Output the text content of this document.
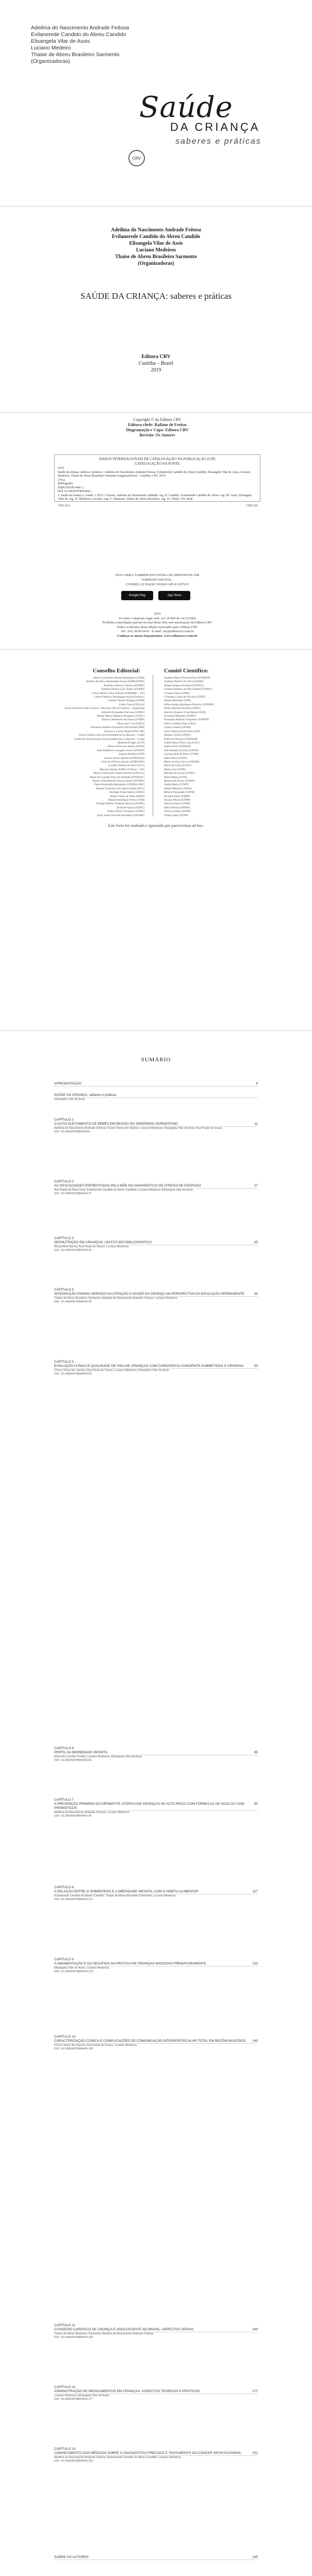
Adeilma do Nascimento Andrade Feitosa
Evilanerede Candido do Abreu Candido
Elisangela Vilar de Assis
Luciano Medeiro
Thaise de Abreu Brasileiro Sarmento
(Organizadoras)
Saúde
DA CRIANÇA
saberes e práticas
CRV
Adeilma do Nascimento Andrade Feitosa
Evilanerede Candido do Abreu Candido
Elisangela Vilar de Assis
Luciano Medeiros
Thaise de Abreu Brasileiro Sarmento
(Organizadoras)
SAÚDE DA CRIANÇA: saberes e práticas
Editora CRV
Curitiba – Brasil
2019
Copyright © da Editora CRV
Editora-chefe: Railane de Freitas
Diagramação e Capa: Editora CRV
Revisão: Os Autores
DADOS INTERNACIONAIS DE CATALOGAÇÃO NA PUBLICAÇÃO (CIP)
CATALOGAÇÃO NA FONTE
S255
Saúde da criança: saberes e práticas / Adeilma do Nascimento Andrade Feitosa, Evilanerede Candido do Abreu Candido, Elisangela Vilar de Assis, Luciano Medeiros, Thaise de Abreu Brasileiro Sarmento (organizadoras) – Curitiba: CRV, 2019.
276 p.
Bibliografia
ISBN 978-85-444-3...
DOI 10.24824/978854443...
1. Saúde da criança 2. Saúde 3. SUS I. Feitosa, Adeilma do Nascimento Andrade. org. II. Candido, Evilanerede Candido do Abreu. org. III. Assis, Elisangela Vilar de. org. IV. Medeiros, Luciano. org. V. Sarmento, Thaise de Abreu Brasileiro. org. VI. Título. VII. Série.
CDU 614	CDD 610
ESTA OBRA TAMBÉM ENCONTRA-SE DISPONÍVEL EM
FORMATO DIGITAL.
CONHEÇA E BAIXE NOSSO APLICATIVO!
Google Play	App Store
2019
Foi feito o depósito legal conf. Lei 10.994 de 14/12/2004
Proibida a reprodução parcial ou total desta obra sem autorização da Editora CRV
Todos os direitos desta edição reservados pela: Editora CRV
Tel.: (41) 3039-6418 – E-mail: sac@editoracrv.com.br
Conheça os nossos lançamentos: www.editoracrv.com.br
Conselho Editorial:	Comitê Científico:
Aldira Guimarães Duarte Domínguez (UNB)
Andréia da Silva Quintanilha Sousa (UNIR/UFRN)
Anselmo Alencar Colares (UFOPA)
Antônio Pereira Gaio Júnior (UFRRJ)
Carlos Alberto Vilar Estêvão (UMINHO – PT)
Carlos Federico Dominguez Avila (Unieuro)
Carmen Tereza Velanga (UNIR)
Celso Conti (UFSCar)
Cesar Gerónimo Tello (Univer .Nacional Três de Febrero – Argentina)
Eduardo Fernandes Barbosa (UFMG)
Elione Maria Nogueira Diogenes (UFAL)
Elizeu Clementino de Souza (UNEB)
Élsio José Corá (UFFS)
Fernando Antônio Gonçalves Alcoforado (IPB)
Francisco Carlos Duarte (PUC-PR)
Gloria Fariñas León (Universidade de La Havana – Cuba)
Guillermo Arias Beatón (Universidade de La Havana – Cuba)
Helmuth Krüger (UCP)
Jailson Alves dos Santos (UFRJ)
João Adalberto Campato Junior (UNESP)
Josania Portela (UFPI)
Leonel Severo Rocha (UNISINOS)
Lídia de Oliveira Xavier (UNIEURO)
Lourdes Helena da Silva (UFV)
Marcelo Paixão (UFRJ e UTexas – US)
Maria Cristina dos Santos Bezerra (UFSCar)
Maria de Lourdes Pinto de Almeida (UNOESC)
Maria Lília Imbiriba Sousa Colares (UFOPA)
Paulo Romualdo Hernandes (UNIFAL-MG)
Renato Francisco dos Santos Paula (UFG)
Rodrigo Pratte-Santos (UFES)
Sérgio Nunes de Jesus (IFRO)
Simone Rodrigues Pinto (UNB)
Solange Helena Ximenes-Rocha (UFOPA)
Sydione Santos (UEPG)
Tadeu Oliver Gonçalves (UFPA)
Tania Suely Azevedo Brasileiro (UFOPA)
Andréia Maria Ferreira Paiva (UNIFAP)
Andréia Moreira da Silva (UFMA)
Ângela Regina Kirchner (UFRGS)
Cláudio Roberto da Silva Rudolf (UFMT)
Cristiane Dias (UFPA)
Cristiano Cunha de Oliveira (UNIT)
Denise Machado (UPE)
Edina Araújo Rodrigues Oliveira (UNIFAP)
Elnara Moreira Bonilla (UFBA)
Fabricio Romero Cruz Maciel (USP)
Fernanda Martinez (UFMT)
Fernando Antônio Gonçalves (UNESP)
Flávio Caldeira Dias (UFU)
Gladys Lemos (UFSM)
Glória Maria de Oliveira (USP)
Helena Corrêa (UFMT)
Hilda de Oliveira (UNIFESP)
Ivalda Maria Pinto Lara (UFU)
Janete Alves (UNIFAP)
José Antonio da Silva (UEPA)
Luciana Dias de Brito (UFPB)
Maria Alice (UFPE)
Maria Cecília Garcia (UNESP)
Maria da Graça (UFSC)
Maria José (UFPE)
Mariana de Souza (UFMT)
Marta Maria (UFPI)
Mônica de Barros (UFRN)
Nadia Maria (UFMT)
Rafael Menezes (UFAL)
Rebeca Fernandes (UFPB)
Ricardo Alves (UEPB)
Rosana Moura (UFPB)
Sabrina Santos (UFRJ)
Sônia Pereira (UFMA)
Tereza Cristina (UFPA)
Vânia Lopes (UFPB)
Este livro foi avaliado e aprovado por pareceristas ad hoc.
SUMÁRIO
APRESENTAÇÃO	9
SAÚDE DA CRIANÇA: saberes e práticas
Elisangela Vilar de Assis
CAPÍTULO 1
O AUTO-ALEITAMENTO DE BEBÊS EM REGIÃO DO SEMIÁRIDO NORDESTINO	11
Adeilma do Nascimento Andrade Feitosa; Cícero Vieira dos Santos; Luciano Medeiros; Elisangela Vilar de Assis; Ana Paula de Souza
DOI: 10.24824/978854443.8
CAPÍTULO 2
AS DIFICULDADES ENFRENTADAS PELA MÃE NO DIAGNÓSTICO DE ATRESIA DE ESÔFAGO	27
Ana Paula da Silva Lima; Evilanerede Candido do Abreu Candido; Luciano Medeiros; Elisangela Vilar de Assis
DOI: 10.24824/978854443.27
CAPÍTULO 3
DESNUTRIÇÃO EM CRIANÇAS: UM ESTUDO BIBLIOGRÁFICO	35
Maria Aline Barros; Ana Paula de Souza; Luciano Medeiros
DOI: 10.24824/978854443.35
CAPÍTULO 4
INTEGRAÇÃO ENSINO-SERVIÇO NA ATENÇÃO À SAÚDE DA CRIANÇA NA PERSPECTIVA DA EDUCAÇÃO PERMANENTE	45
Thaise de Abreu Brasileiro Sarmento; Adeilma do Nascimento Andrade Feitosa; Luciano Medeiros
DOI: 10.24824/978854443.45
CAPÍTULO 5
EVOLUÇÃO CLÍNICA E QUALIDADE DE VIDA DE CRIANÇAS COM CARDIOPATIA CONGÊNITA SUBMETIDAS À CIRURGIA	53
Cícero Vieira dos Santos; Ana Paula de Souza; Luciano Medeiros; Elisangela Vilar de Assis
DOI: 10.24824/978854443.53
CAPÍTULO 6
PERFIL DA MORBIDADE INFANTIL	85
Maria de Lourdes Freitas; Luciano Medeiros; Elisangela Vilar de Assis
DOI: 10.24824/978854443.85
CAPÍTULO 7
A PREVENÇÃO PRIMÁRIA DA DERMATITE ATÓPICA EM CRIANÇAS DE ALTO RISCO COM FÓRMULAS DE SOJA OU COM PREBIÓTICOS
95
Adeilma do Nascimento Andrade Feitosa; Luciano Medeiros
DOI: 10.24824/978854443.95
CAPÍTULO 8
A RELAÇÃO ENTRE O SOBREPESO E A OBESIDADE INFANTIL COM O HÁBITO ALIMENTAR	117
Evilanerede Candido do Abreu Candido; Thaise de Abreu Brasileiro Sarmento; Luciano Medeiros
DOI: 10.24824/978854443.117
CAPÍTULO 9
A AMAMENTAÇÃO E OS DESAFIOS NA PRÁTICA EM CRIANÇAS NASCIDAS PREMATURAMENTE	133
Elisangela Vilar de Assis; Luciano Medeiros
DOI: 10.24824/978854443.133
CAPÍTULO 10
CARACTERIZAÇÃO CLÍNICA E COMPLICAÇÕES DE COMUNICAÇÃO INTERVENTRICULAR TOTAL EM RECÉM-NASCIDOS	145
Cícero Vieira dos Santos; Ana Paula de Souza; Luciano Medeiros
DOI: 10.24824/978854443.145
CAPÍTULO 11
O ASSEDIO CARDÍACO DE CRIANÇA E ADOLESCENTE NO BRASIL: ASPECTOS GERAIS	169
Thaise de Abreu Brasileiro Sarmento; Adeilma do Nascimento Andrade Feitosa
DOI: 10.24824/978854443.169
CAPÍTULO 12
ADMINISTRAÇÃO DE MEDICAMENTOS EM CRIANÇAS: ASPECTOS TEÓRICOS E PRÁTICOS	177
Luciano Medeiros; Elisangela Vilar de Assis
DOI: 10.24824/978854443.177
CAPÍTULO 13
CONHECIMENTO DOS MÉDICOS SOBRE O DIAGNÓSTICO PRECOCE E TRATAMENTO DO CÂNCER INFANTOJUVENIL	201
Adeilma do Nascimento Andrade Feitosa; Evilanerede Candido do Abreu Candido; Luciano Medeiros
DOI: 10.24824/978854443.201
SOBRE OS AUTORES	245
